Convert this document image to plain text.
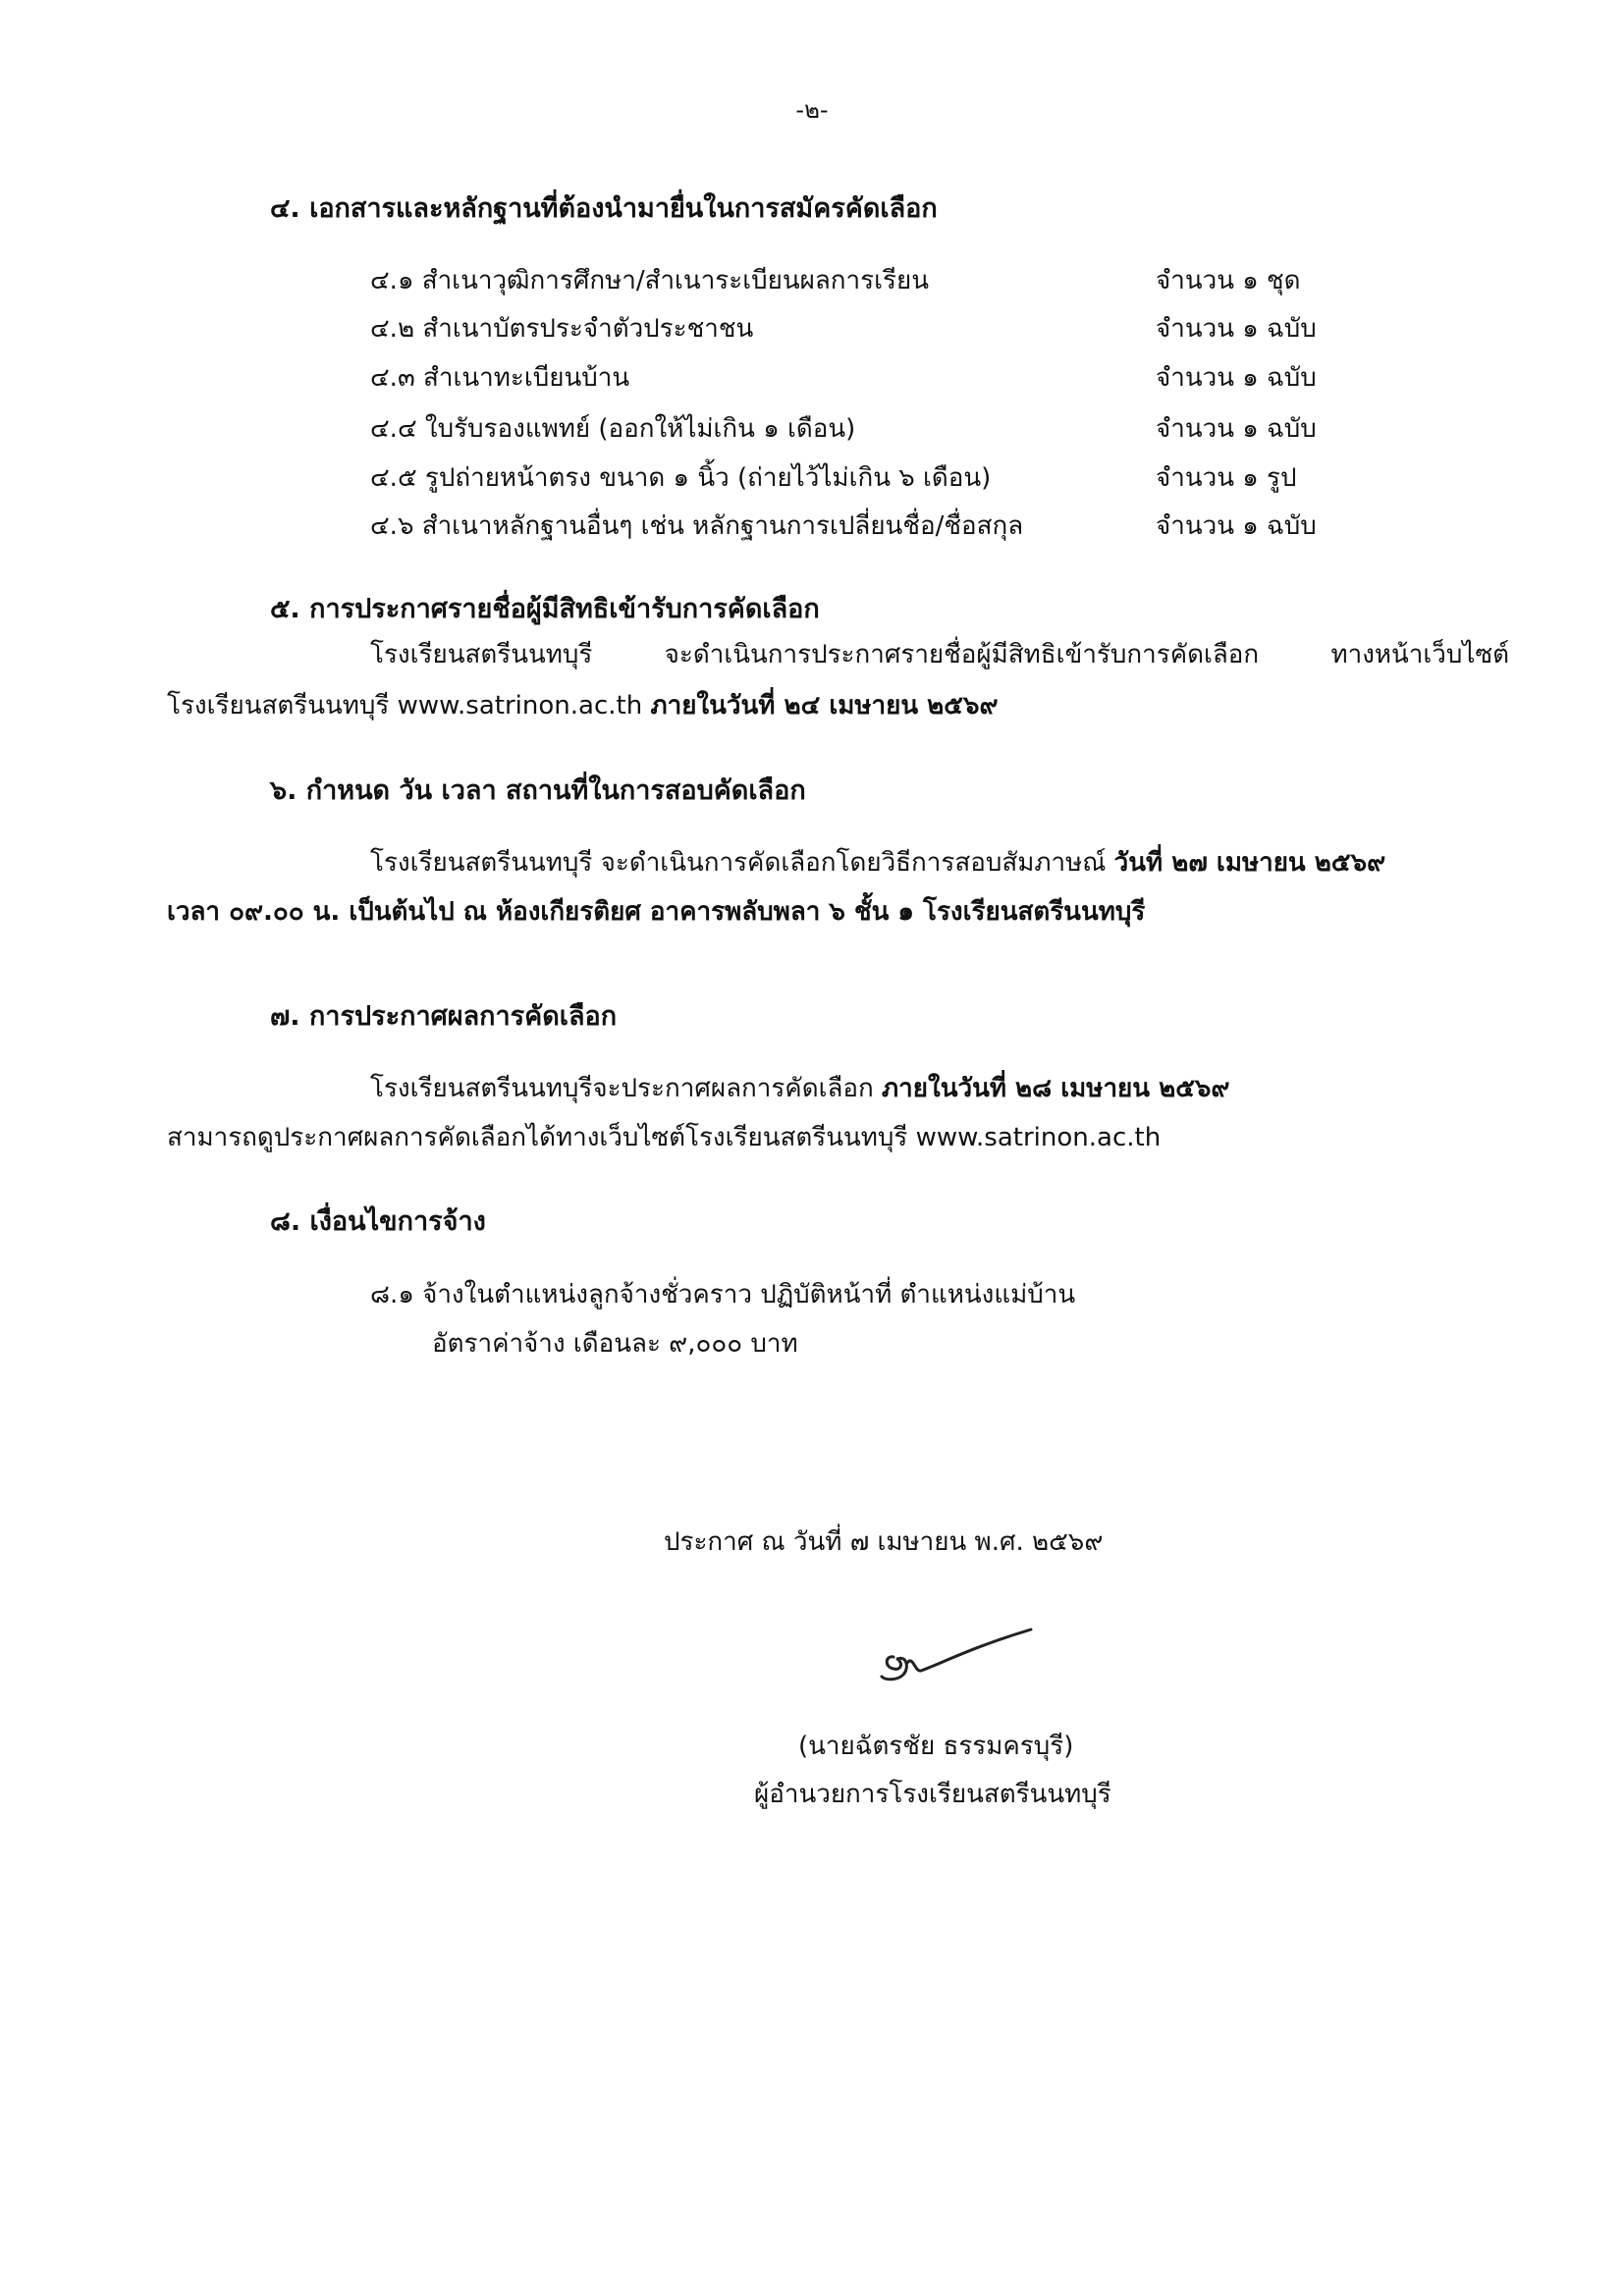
-๒-
๔. เอกสารและหลักฐานที่ต้องนำมายื่นในการสมัครคัดเลือก
๔.๑ สำเนาวุฒิการศึกษา/สำเนาระเบียนผลการเรียน	จำนวน ๑ ชุด
๔.๒ สำเนาบัตรประจำตัวประชาชน	จำนวน ๑ ฉบับ
๔.๓ สำเนาทะเบียนบ้าน	จำนวน ๑ ฉบับ
๔.๔ ใบรับรองแพทย์ (ออกให้ไม่เกิน ๑ เดือน)	จำนวน ๑ ฉบับ
๔.๕ รูปถ่ายหน้าตรง ขนาด ๑ นิ้ว (ถ่ายไว้ไม่เกิน ๖ เดือน)	จำนวน ๑ รูป
๔.๖ สำเนาหลักฐานอื่นๆ เช่น หลักฐานการเปลี่ยนชื่อ/ชื่อสกุล	จำนวน ๑ ฉบับ
๕. การประกาศรายชื่อผู้มีสิทธิเข้ารับการคัดเลือก
โรงเรียนสตรีนนทบุรี จะดำเนินการประกาศรายชื่อผู้มีสิทธิเข้ารับการคัดเลือก ทางหน้าเว็บไซต์
โรงเรียนสตรีนนทบุรี www.satrinon.ac.th ภายในวันที่ ๒๔ เมษายน ๒๕๖๙
๖. กำหนด วัน เวลา สถานที่ในการสอบคัดเลือก
โรงเรียนสตรีนนทบุรี จะดำเนินการคัดเลือกโดยวิธีการสอบสัมภาษณ์ วันที่ ๒๗ เมษายน ๒๕๖๙
เวลา ๐๙.๐๐ น. เป็นต้นไป ณ ห้องเกียรติยศ อาคารพลับพลา ๖ ชั้น ๑ โรงเรียนสตรีนนทบุรี
๗. การประกาศผลการคัดเลือก
โรงเรียนสตรีนนทบุรีจะประกาศผลการคัดเลือก ภายในวันที่ ๒๘ เมษายน ๒๕๖๙
สามารถดูประกาศผลการคัดเลือกได้ทางเว็บไซต์โรงเรียนสตรีนนทบุรี www.satrinon.ac.th
๘. เงื่อนไขการจ้าง
๘.๑ จ้างในตำแหน่งลูกจ้างชั่วคราว ปฏิบัติหน้าที่ ตำแหน่งแม่บ้าน
อัตราค่าจ้าง เดือนละ ๙,๐๐๐ บาท
ประกาศ ณ วันที่ ๗ เมษายน พ.ศ. ๒๕๖๙
(นายฉัตรชัย ธรรมครบุรี)
ผู้อำนวยการโรงเรียนสตรีนนทบุรี
